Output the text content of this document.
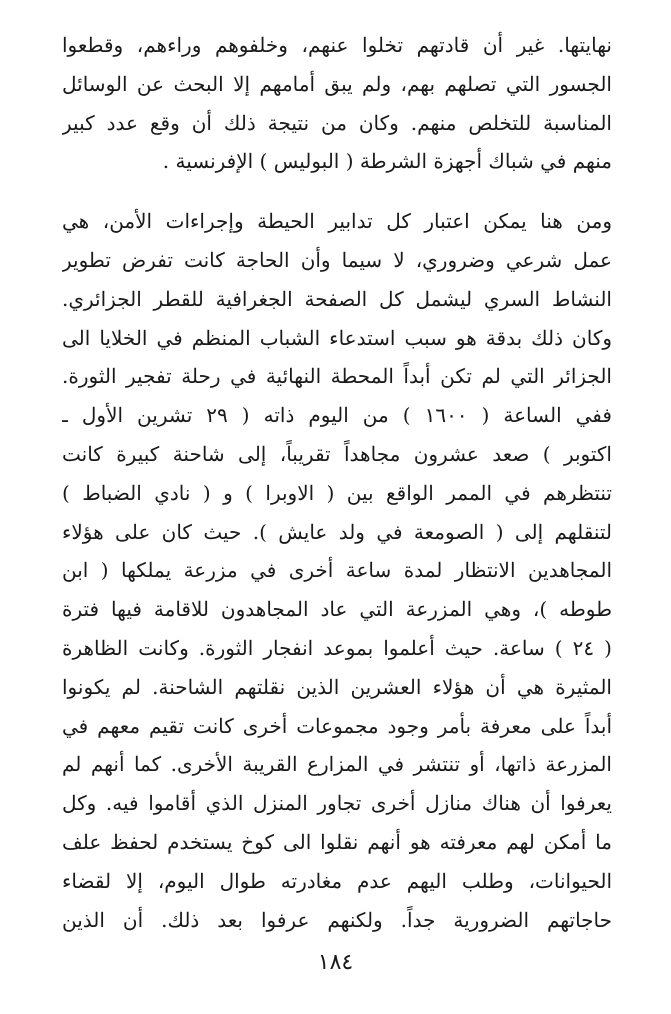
نهايتها. غير أن قادتهم تخلوا عنهم، وخلفوهم وراءهم، وقطعوا
الجسور التي تصلهم بهم، ولم يبق أمامهم إلا البحث عن الوسائل
المناسبة للتخلص منهم. وكان من نتيجة ذلك أن وقع عدد كبير
منهم في شباك أجهزة الشرطة ( البوليس ) الإفرنسية .
ومن هنا يمكن اعتبار كل تدابير الحيطة وإجراءات الأمن، هي
عمل شرعي وضروري، لا سيما وأن الحاجة كانت تفرض تطوير
النشاط السري ليشمل كل الصفحة الجغرافية للقطر الجزائري.
وكان ذلك بدقة هو سبب استدعاء الشباب المنظم في الخلايا الى
الجزائر التي لم تكن أبداً المحطة النهائية في رحلة تفجير الثورة.
ففي الساعة ( ١٦٠٠ ) من اليوم ذاته ( ٢٩ تشرين الأول ـ
اكتوبر ) صعد عشرون مجاهداً تقريباً، إلى شاحنة كبيرة كانت
تنتظرهم في الممر الواقع بين ( الاوبرا ) و ( نادي الضباط )
لتنقلهم إلى ( الصومعة في ولد عايش ). حيث كان على هؤلاء
المجاهدين الانتظار لمدة ساعة أخرى في مزرعة يملكها ( ابن
طوطه )، وهي المزرعة التي عاد المجاهدون للاقامة فيها فترة
( ٢٤ ) ساعة. حيث أعلموا بموعد انفجار الثورة. وكانت الظاهرة
المثيرة هي أن هؤلاء العشرين الذين نقلتهم الشاحنة. لم يكونوا
أبداً على معرفة بأمر وجود مجموعات أخرى كانت تقيم معهم في
المزرعة ذاتها، أو تنتشر في المزارع القريبة الأخرى. كما أنهم لم
يعرفوا أن هناك منازل أخرى تجاور المنزل الذي أقاموا فيه. وكل
ما أمكن لهم معرفته هو أنهم نقلوا الى كوخ يستخدم لحفظ علف
الحيوانات، وطلب اليهم عدم مغادرته طوال اليوم، إلا لقضاء
حاجاتهم الضرورية جداً. ولكنهم عرفوا بعد ذلك. أن الذين
١٨٤
